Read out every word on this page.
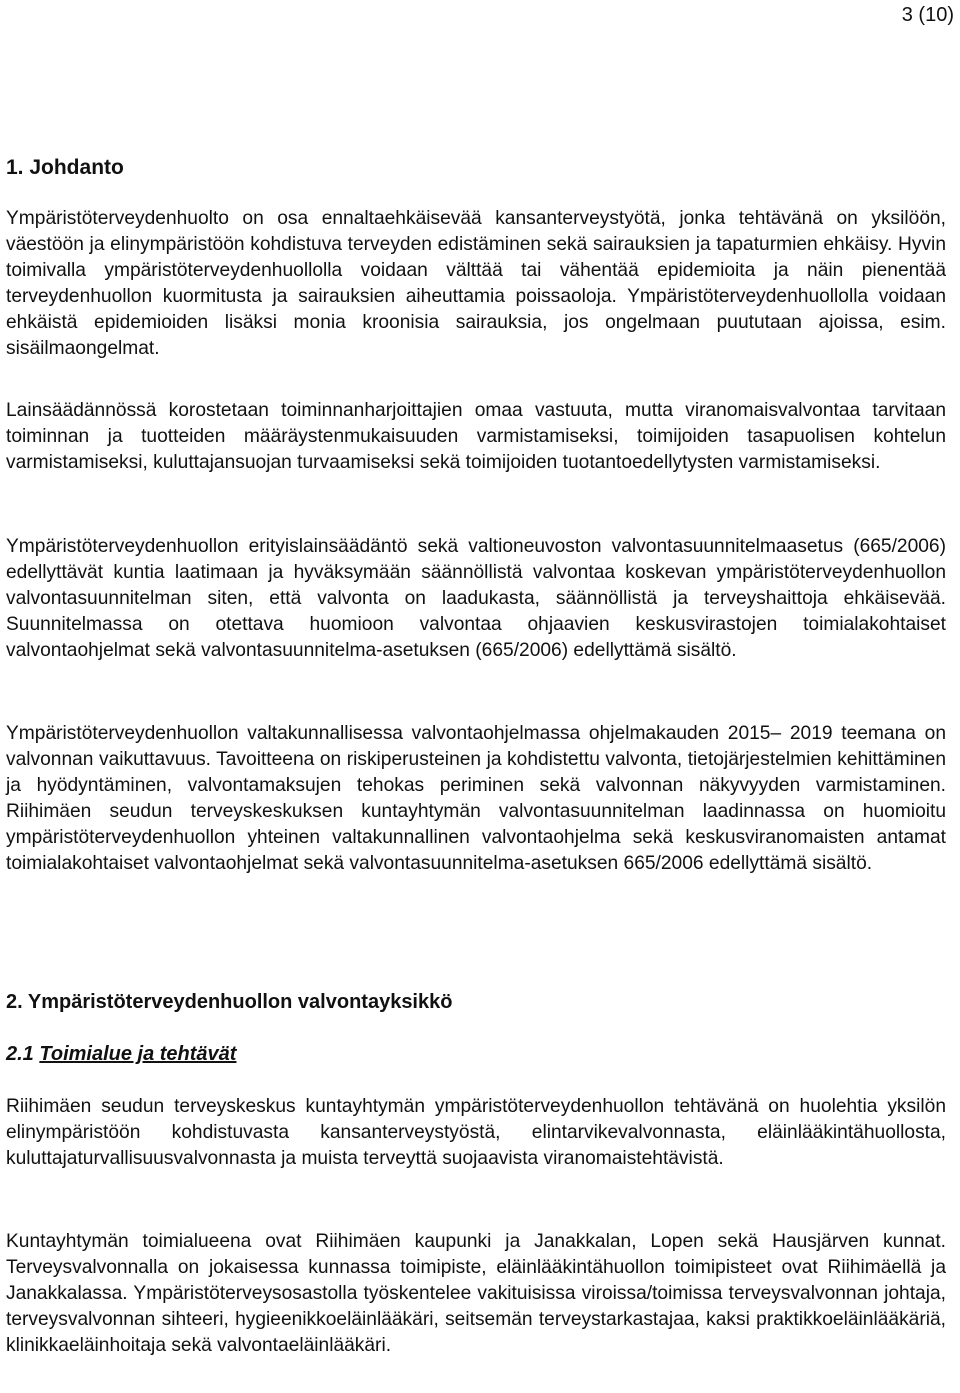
3 (10)
1. Johdanto

Ympäristöterveydenhuolto on osa ennaltaehkäisevää kansanterveystyötä, jonka tehtävänä on yksilöön, väestöön ja elinympäristöön kohdistuva terveyden edistäminen sekä sairauksien ja tapaturmien ehkäisy. Hyvin toimivalla ympäristöterveydenhuollolla voidaan välttää tai vähentää epidemioita ja näin pienentää terveydenhuollon kuormitusta ja sairauksien aiheuttamia poissaoloja. Ympäristöterveydenhuollolla voidaan ehkäistä epidemioiden lisäksi monia kroonisia sairauksia, jos ongelmaan puututaan ajoissa, esim. sisäilmaongelmat.

Lainsäädännössä korostetaan toiminnanharjoittajien omaa vastuuta, mutta viranomaisvalvontaa tarvitaan toiminnan ja tuotteiden määräystenmukaisuuden varmistamiseksi, toimijoiden tasapuolisen kohtelun varmistamiseksi, kuluttajansuojan turvaamiseksi sekä toimijoiden tuotantoedellytysten varmistamiseksi.

Ympäristöterveydenhuollon erityislainsäädäntö sekä valtioneuvoston valvontasuunnitelmaasetus (665/2006) edellyttävät kuntia laatimaan ja hyväksymään säännöllistä valvontaa koskevan ympäristöterveydenhuollon valvontasuunnitelman siten, että valvonta on laadukasta, säännöllistä ja terveyshaittoja ehkäisevää. Suunnitelmassa on otettava huomioon valvontaa ohjaavien keskusvirastojen toimialakohtaiset valvontaohjelmat sekä valvontasuunnitelma-asetuksen (665/2006) edellyttämä sisältö.

Ympäristöterveydenhuollon valtakunnallisessa valvontaohjelmassa ohjelmakauden 2015– 2019 teemana on valvonnan vaikuttavuus. Tavoitteena on riskiperusteinen ja kohdistettu valvonta, tietojärjestelmien kehittäminen ja hyödyntäminen, valvontamaksujen tehokas periminen sekä valvonnan näkyvyyden varmistaminen. Riihimäen seudun terveyskeskuksen kuntayhtymän valvontasuunnitelman laadinnassa on huomioitu ympäristöterveydenhuollon yhteinen valtakunnallinen valvontaohjelma sekä keskusviranomaisten antamat toimialakohtaiset valvontaohjelmat sekä valvontasuunnitelma-asetuksen 665/2006 edellyttämä sisältö.

2. Ympäristöterveydenhuollon valvontayksikkö
2.1 Toimialue ja tehtävät

Riihimäen seudun terveyskeskus kuntayhtymän ympäristöterveydenhuollon tehtävänä on huolehtia yksilön elinympäristöön kohdistuvasta kansanterveystyöstä, elintarvikevalvonnasta, eläinlääkintähuollosta, kuluttajaturvallisuusvalvonnasta ja muista terveyttä suojaavista viranomaistehtävistä.

Kuntayhtymän toimialueena ovat Riihimäen kaupunki ja Janakkalan, Lopen sekä Hausjärven kunnat. Terveysvalvonnalla on jokaisessa kunnassa toimipiste, eläinlääkintähuollon toimipisteet ovat Riihimäellä ja Janakkalassa. Ympäristöterveysosastolla työskentelee vakituisissa viroissa/toimissa terveysvalvonnan johtaja, terveysvalvonnan sihteeri, hygieenikkoeläinlääkäri, seitsemän terveystarkastajaa, kaksi praktikkoeläinlääkäriä, klinikkaeläinhoitaja sekä valvontaeläinlääkäri.
